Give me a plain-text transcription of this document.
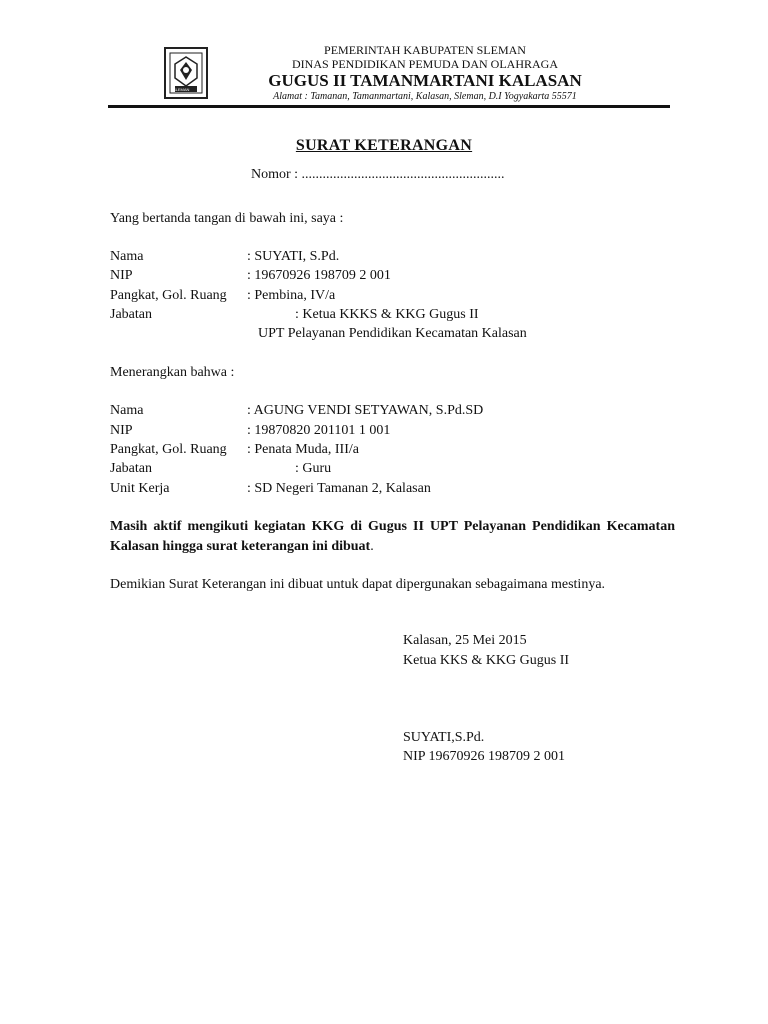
SLEMAN
PEMERINTAH KABUPATEN SLEMAN
DINAS PENDIDIKAN PEMUDA DAN OLAHRAGA
GUGUS II TAMANMARTANI KALASAN
Alamat : Tamanan, Tamanmartani, Kalasan, Sleman, D.I Yogyakarta 55571
SURAT KETERANGAN
Nomor : ..........................................................
Yang bertanda tangan di bawah ini, saya :
Nama	: SUYATI, S.Pd.
NIP	: 19670926 198709 2 001
Pangkat, Gol. Ruang : Pembina, IV/a
Jabatan	: Ketua KKKS & KKG Gugus II
UPT Pelayanan Pendidikan Kecamatan Kalasan
Menerangkan bahwa :
Nama	: AGUNG VENDI SETYAWAN, S.Pd.SD
NIP	: 19870820 201101 1 001
Pangkat, Gol. Ruang : Penata Muda, III/a
Jabatan	: Guru
Unit Kerja	: SD Negeri Tamanan 2, Kalasan
Masih aktif mengikuti kegiatan KKG di Gugus II UPT Pelayanan Pendidikan Kecamatan Kalasan hingga surat keterangan ini dibuat.
Demikian Surat Keterangan ini dibuat untuk dapat dipergunakan sebagaimana mestinya.
Kalasan, 25 Mei 2015
Ketua KKS & KKG Gugus II
SUYATI,S.Pd.
NIP 19670926 198709 2 001
